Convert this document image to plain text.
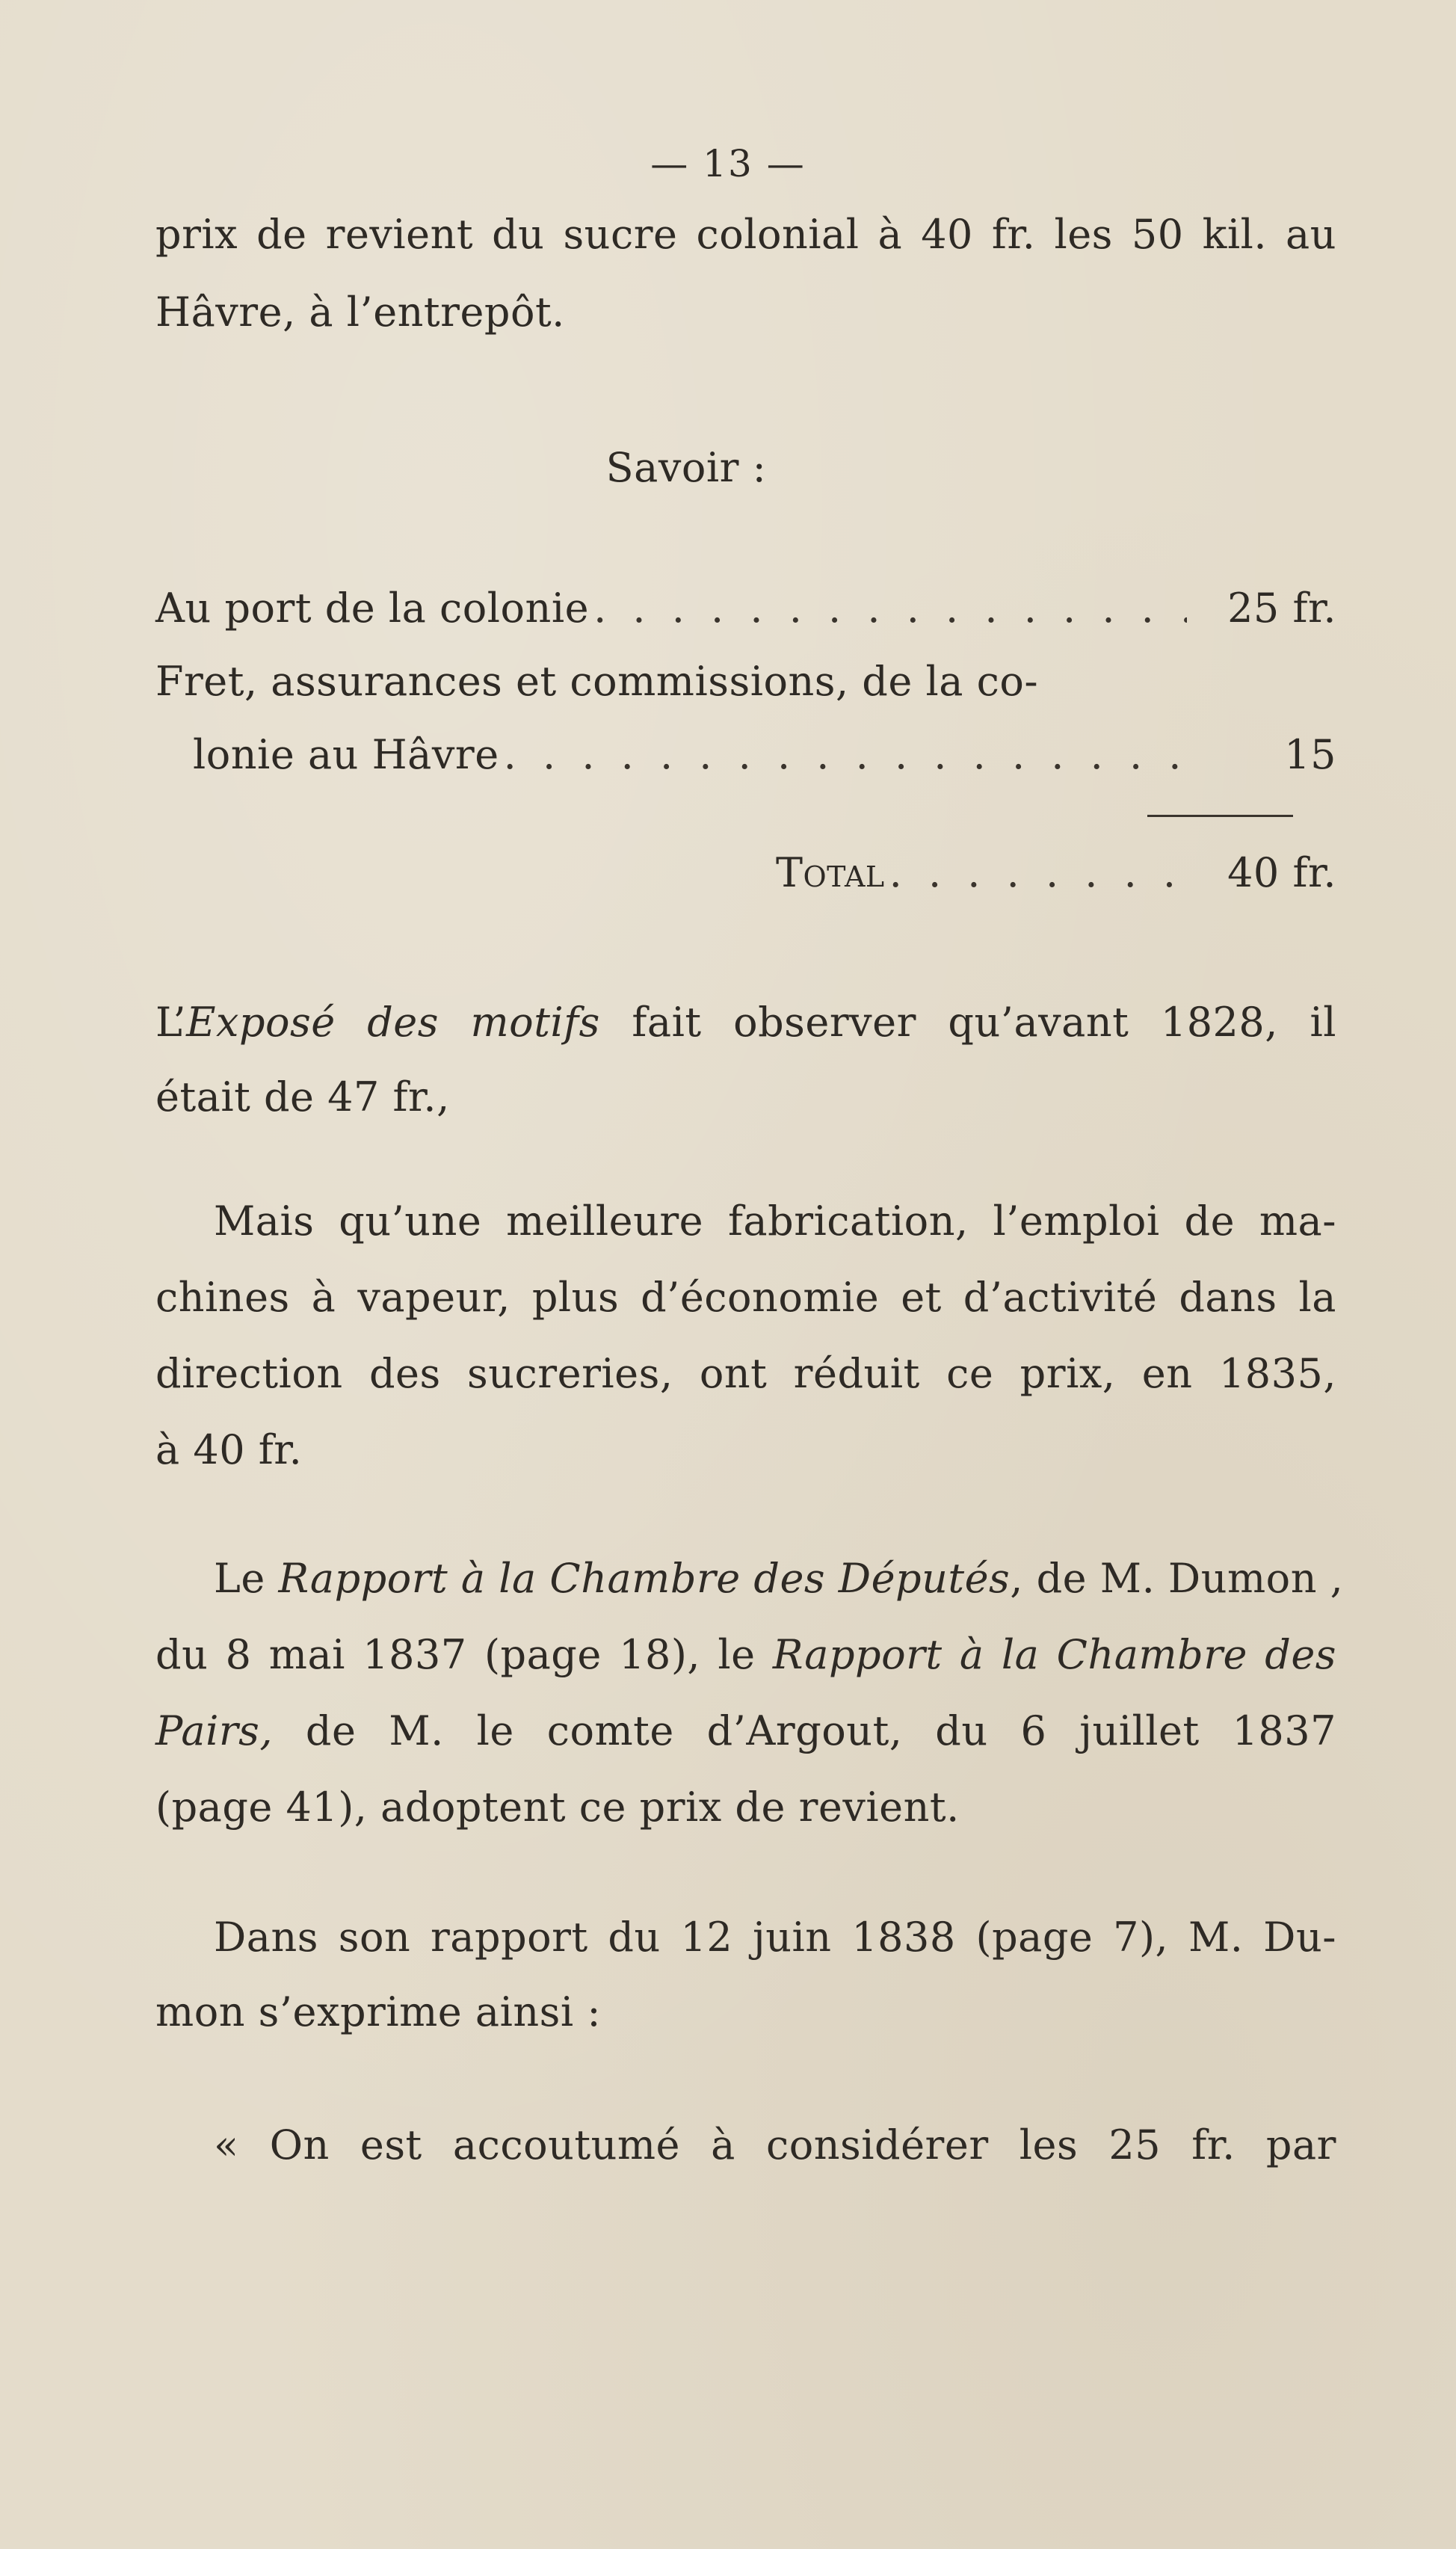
— 13 —
prix de revient du sucre colonial à 40 fr. les 50 kil. au
Hâvre, à l’entrepôt.
Savoir :
Au port de la colonie . . .	25 fr.
Fret, assurances et commissions, de la co-
lonie au Hâvre . . .	15
Total . . .	40 fr.
L’Exposé des motifs fait observer qu’avant 1828, il
était de 47 fr.,
Mais qu’une meilleure fabrication, l’emploi de ma-
chines à vapeur, plus d’économie et d’activité dans la
direction des sucreries, ont réduit ce prix, en 1835,
à 40 fr.
Le Rapport à la Chambre des Députés, de M. Dumon ,
du 8 mai 1837 (page 18), le Rapport à la Chambre des
Pairs, de M. le comte d’Argout, du 6 juillet 1837
(page 41), adoptent ce prix de revient.
Dans son rapport du 12 juin 1838 (page 7), M. Du-
mon s’exprime ainsi :
« On est accoutumé à considérer les 25 fr. par
